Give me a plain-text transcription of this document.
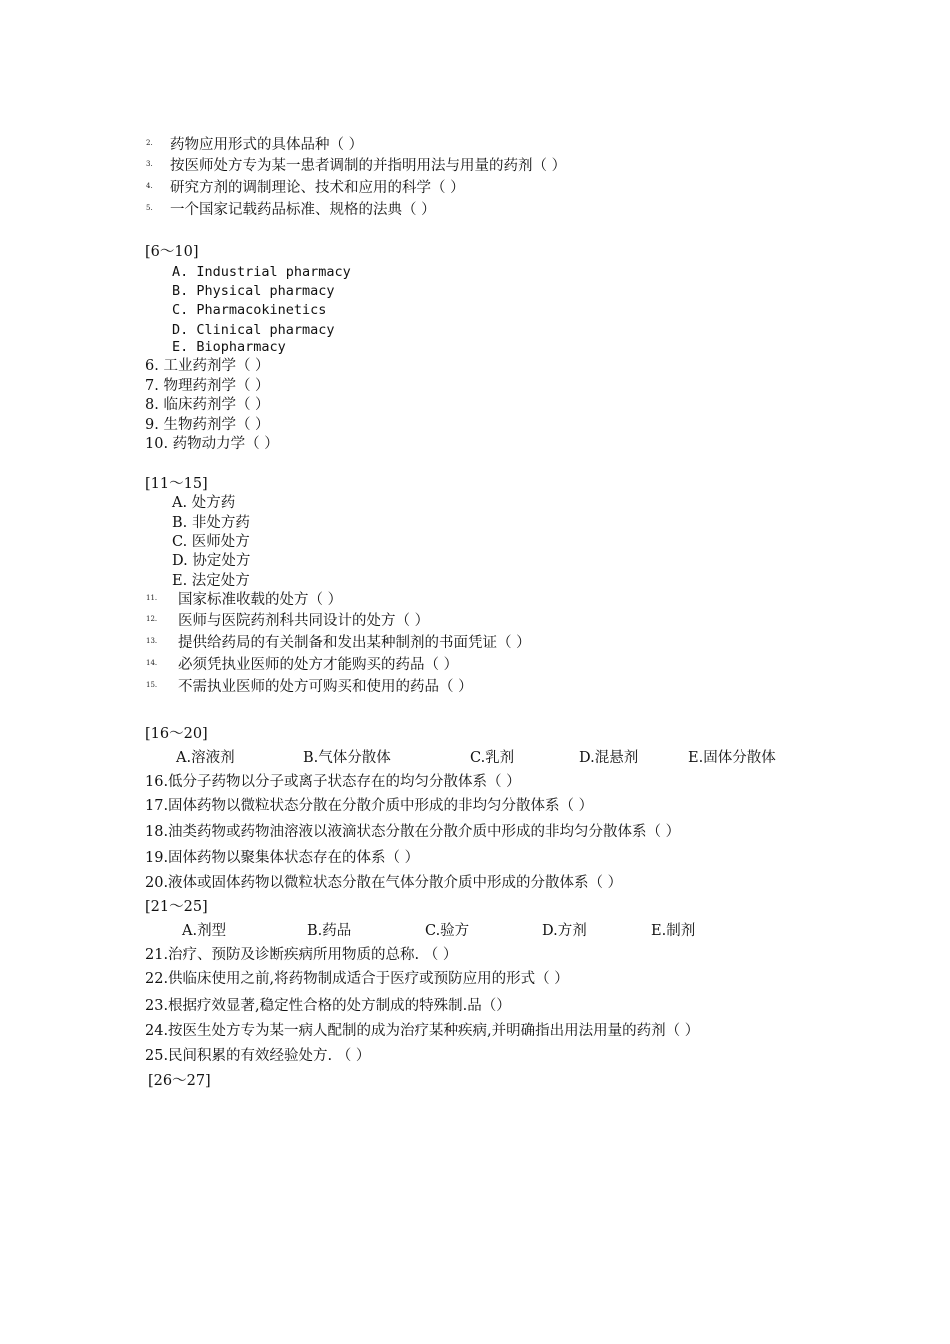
2. 药物应用形式的具体品种（ ）
3. 按医师处方专为某一患者调制的并指明用法与用量的药剂（ ）
4. 研究方剂的调制理论、技术和应用的科学（ ）
5. 一个国家记载药品标准、规格的法典（ ）
[6～10]
A. Industrial pharmacy
B. Physical pharmacy
C. Pharmacokinetics
D. Clinical pharmacy
E. Biopharmacy
6. 工业药剂学（ ）
7. 物理药剂学（ ）
8. 临床药剂学（ ）
9. 生物药剂学（ ）
10. 药物动力学（ ）
[11～15]
A. 处方药
B. 非处方药
C. 医师处方
D. 协定处方
E. 法定处方
11. 国家标准收载的处方（ ）
12. 医师与医院药剂科共同设计的处方（ ）
13. 提供给药局的有关制备和发出某种制剂的书面凭证（ ）
14. 必须凭执业医师的处方才能购买的药品（ ）
15. 不需执业医师的处方可购买和使用的药品（ ）
[16～20]
A.溶液剂	B.气体分散体	C.乳剂	D.混悬剂	E.固体分散体
16.低分子药物以分子或离子状态存在的均匀分散体系（ ）
17.固体药物以微粒状态分散在分散介质中形成的非均匀分散体系（ ）
18.油类药物或药物油溶液以液滴状态分散在分散介质中形成的非均匀分散体系（ ）
19.固体药物以聚集体状态存在的体系（ ）
20.液体或固体药物以微粒状态分散在气体分散介质中形成的分散体系（ ）
[21～25]
A.剂型	B.药品	C.验方	D.方剂	E.制剂
21.治疗、预防及诊断疾病所用物质的总称. （ ）
22.供临床使用之前,将药物制成适合于医疗或预防应用的形式（ ）
23.根据疗效显著,稳定性合格的处方制成的特殊制.品（）
24.按医生处方专为某一病人配制的成为治疗某种疾病,并明确指出用法用量的药剂（ ）
25.民间积累的有效经验处方. （ ）
[26～27]
